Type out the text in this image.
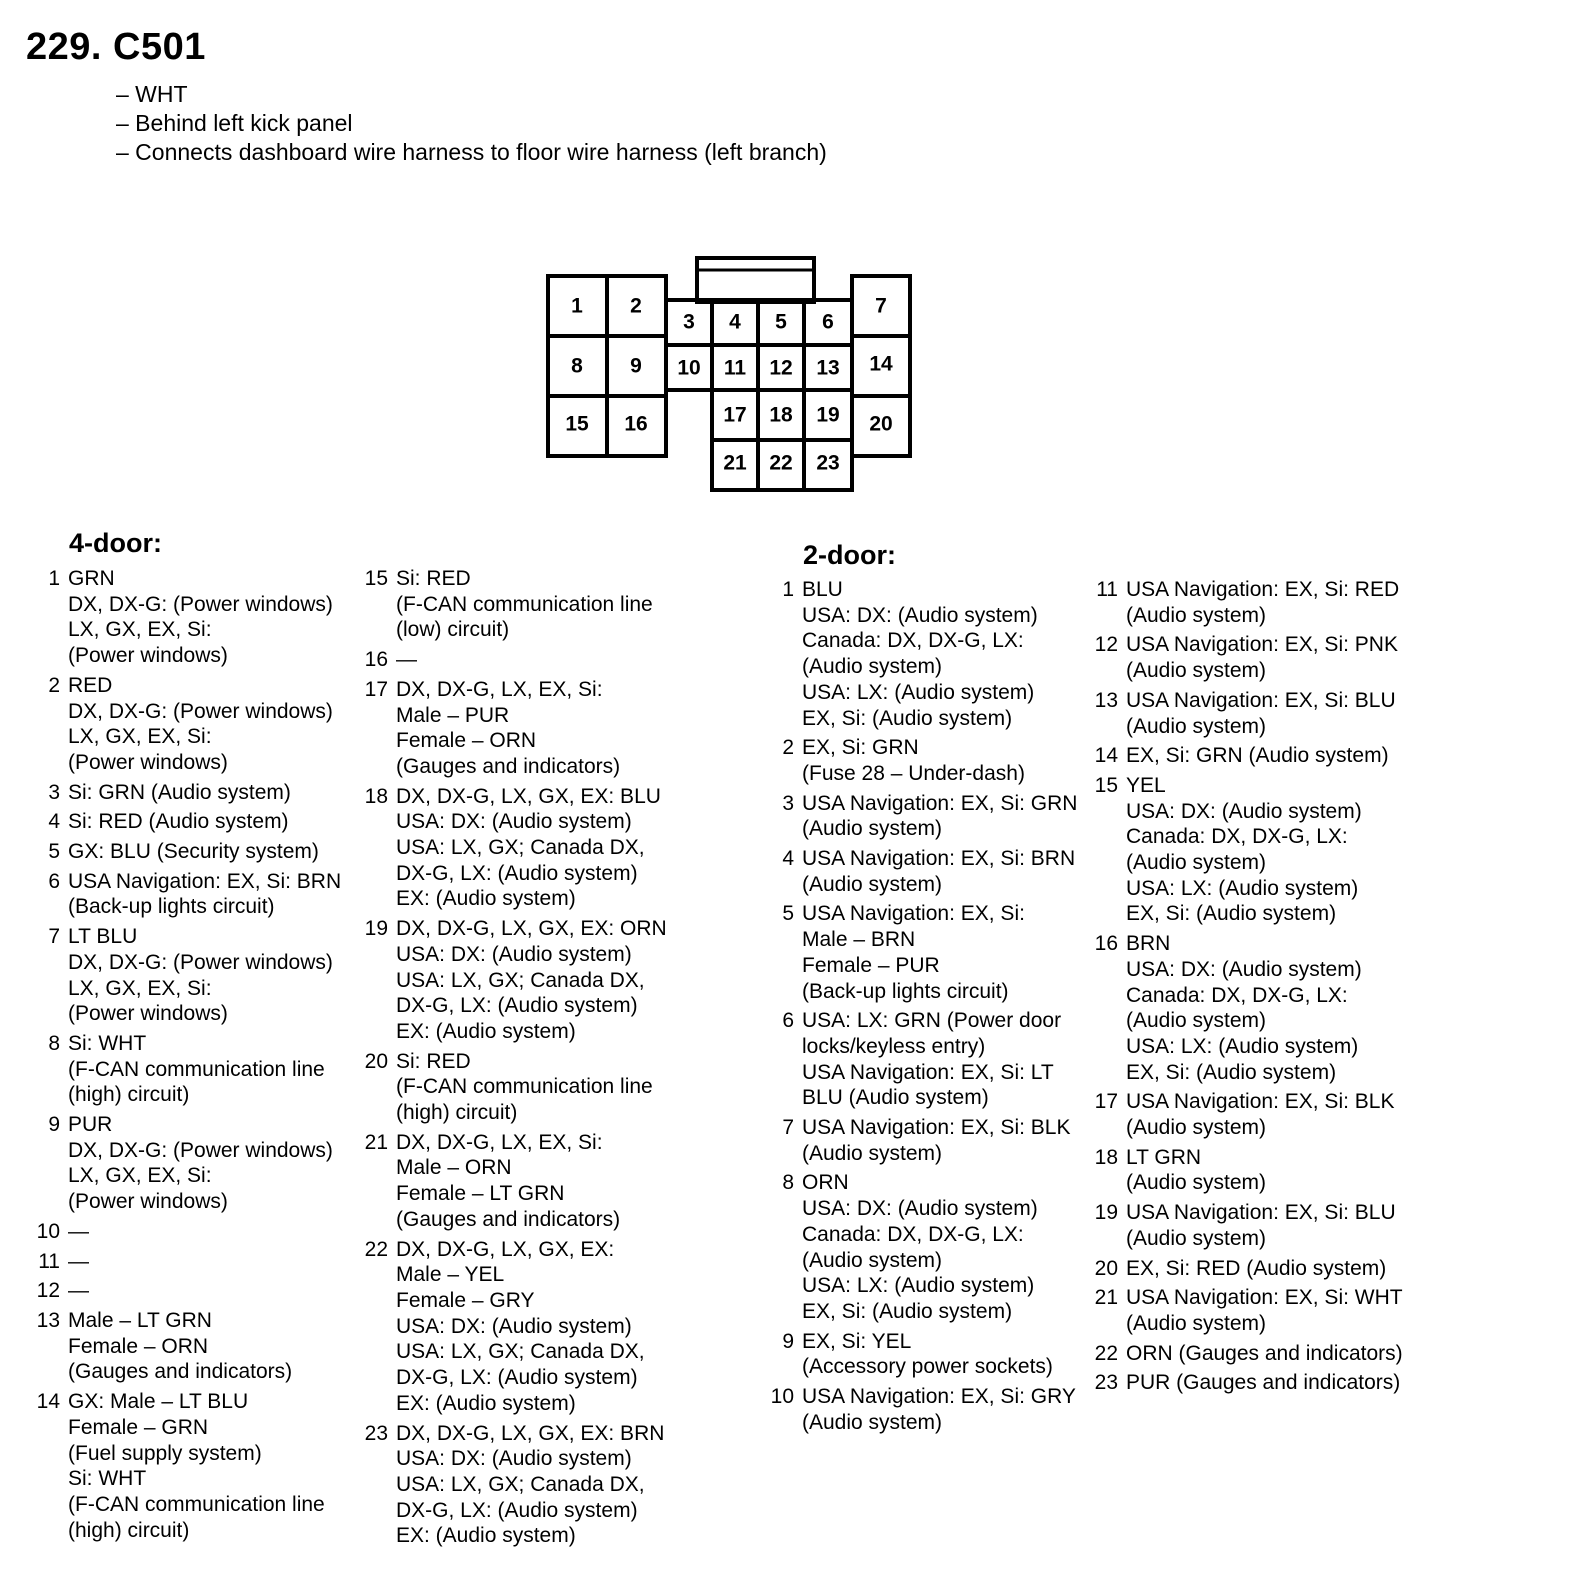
229. C501
– WHT
– Behind left kick panel
– Connects dashboard wire harness to floor wire harness (left branch)
1 2
3 4 5 6
7
8 9 10 11 12 13 14
15 16	17 18 19 20
21 22 23
4-door:
1 GRN
DX, DX-G: (Power windows)
LX, GX, EX, Si:
(Power windows)
2 RED
DX, DX-G: (Power windows)
LX, GX, EX, Si:
(Power windows)
3 Si: GRN (Audio system)
4 Si: RED (Audio system)
5 GX: BLU (Security system)
6 USA Navigation: EX, Si: BRN
(Back-up lights circuit)
7 LT BLU
DX, DX-G: (Power windows)
LX, GX, EX, Si:
(Power windows)
8 Si: WHT
(F-CAN communication line
(high) circuit)
9 PUR
DX, DX-G: (Power windows)
LX, GX, EX, Si:
(Power windows)
10 —
11 —
12 —
13 Male – LT GRN
Female – ORN
(Gauges and indicators)
14 GX: Male – LT BLU
Female – GRN
(Fuel supply system)
Si: WHT
(F-CAN communication line
(high) circuit)
15 Si: RED
(F-CAN communication line
(low) circuit)
16 —
17 DX, DX-G, LX, EX, Si:
Male – PUR
Female – ORN
(Gauges and indicators)
18 DX, DX-G, LX, GX, EX: BLU
USA: DX: (Audio system)
USA: LX, GX; Canada DX,
DX-G, LX: (Audio system)
EX: (Audio system)
19 DX, DX-G, LX, GX, EX: ORN
USA: DX: (Audio system)
USA: LX, GX; Canada DX,
DX-G, LX: (Audio system)
EX: (Audio system)
20 Si: RED
(F-CAN communication line
(high) circuit)
21 DX, DX-G, LX, EX, Si:
Male – ORN
Female – LT GRN
(Gauges and indicators)
22 DX, DX-G, LX, GX, EX:
Male – YEL
Female – GRY
USA: DX: (Audio system)
USA: LX, GX; Canada DX,
DX-G, LX: (Audio system)
EX: (Audio system)
23 DX, DX-G, LX, GX, EX: BRN
USA: DX: (Audio system)
USA: LX, GX; Canada DX,
DX-G, LX: (Audio system)
EX: (Audio system)
2-door:
1 BLU
USA: DX: (Audio system)
Canada: DX, DX-G, LX:
(Audio system)
USA: LX: (Audio system)
EX, Si: (Audio system)
2 EX, Si: GRN
(Fuse 28 – Under-dash)
3 USA Navigation: EX, Si: GRN
(Audio system)
4 USA Navigation: EX, Si: BRN
(Audio system)
5 USA Navigation: EX, Si:
Male – BRN
Female – PUR
(Back-up lights circuit)
6 USA: LX: GRN (Power door
locks/keyless entry)
USA Navigation: EX, Si: LT
BLU (Audio system)
7 USA Navigation: EX, Si: BLK
(Audio system)
8 ORN
USA: DX: (Audio system)
Canada: DX, DX-G, LX:
(Audio system)
USA: LX: (Audio system)
EX, Si: (Audio system)
9 EX, Si: YEL
(Accessory power sockets)
10 USA Navigation: EX, Si: GRY
(Audio system)
11 USA Navigation: EX, Si: RED
(Audio system)
12 USA Navigation: EX, Si: PNK
(Audio system)
13 USA Navigation: EX, Si: BLU
(Audio system)
14 EX, Si: GRN (Audio system)
15 YEL
USA: DX: (Audio system)
Canada: DX, DX-G, LX:
(Audio system)
USA: LX: (Audio system)
EX, Si: (Audio system)
16 BRN
USA: DX: (Audio system)
Canada: DX, DX-G, LX:
(Audio system)
USA: LX: (Audio system)
EX, Si: (Audio system)
17 USA Navigation: EX, Si: BLK
(Audio system)
18 LT GRN
(Audio system)
19 USA Navigation: EX, Si: BLU
(Audio system)
20 EX, Si: RED (Audio system)
21 USA Navigation: EX, Si: WHT
(Audio system)
22 ORN (Gauges and indicators)
23 PUR (Gauges and indicators)
